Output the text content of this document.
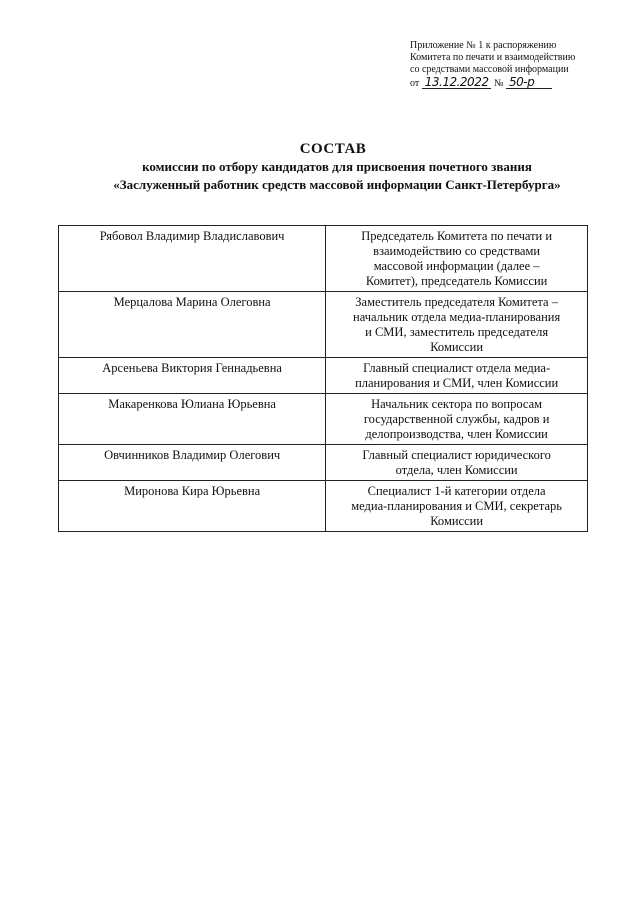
Приложение № 1 к распоряжению
Комитета по печати и взаимодействию
со средствами массовой информации
от 13.12.2022 № 50-р
СОСТАВ
комиссии по отбору кандидатов для присвоения почетного звания
«Заслуженный работник средств массовой информации Санкт-Петербурга»
Рябовол Владимир Владиславович	Председатель Комитета по печати и
взаимодействию со средствами
массовой информации (далее –
Комитет), председатель Комиссии

Мерцалова Марина Олеговна	Заместитель председателя Комитета –
начальник отдела медиа-планирования
и СМИ, заместитель председателя
Комиссии

Арсеньева Виктория Геннадьевна	Главный специалист отдела медиа-
планирования и СМИ, член Комиссии

Макаренкова Юлиана Юрьевна	Начальник сектора по вопросам
государственной службы, кадров и
делопроизводства, член Комиссии

Овчинников Владимир Олегович	Главный специалист юридического
отдела, член Комиссии

Миронова Кира Юрьевна	Специалист 1-й категории отдела
медиа-планирования и СМИ, секретарь
Комиссии
